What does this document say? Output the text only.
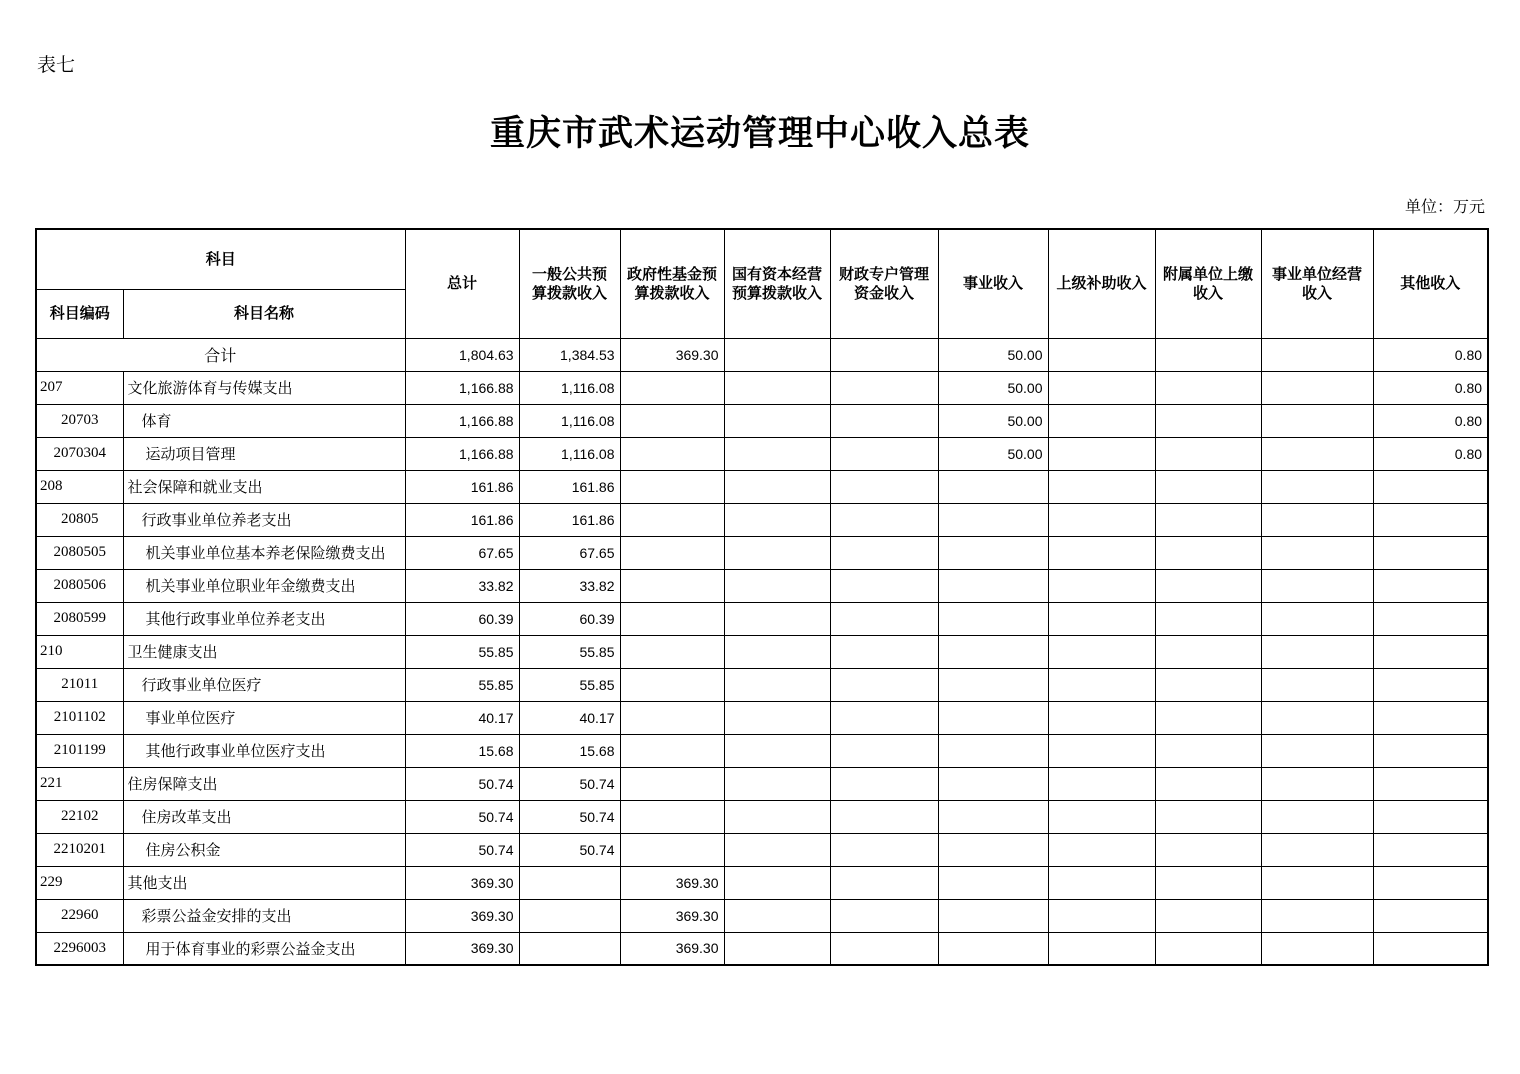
表七
重庆市武术运动管理中心收入总表
单位：万元
科目		总计	一般公共预算拨款收入	政府性基金预算拨款收入	国有资本经营预算拨款收入	财政专户管理资金收入	事业收入	上级补助收入	附属单位上缴收入	事业单位经营收入	其他收入
科目编码	科目名称										
合计		1,804.63	1,384.53	369.30			50.00				0.80
207	文化旅游体育与传媒支出	1,166.88	1,116.08				50.00				0.80
20703	体育	1,166.88	1,116.08				50.00				0.80
2070304	运动项目管理	1,166.88	1,116.08				50.00				0.80
208	社会保障和就业支出	161.86	161.86								
20805	行政事业单位养老支出	161.86	161.86								
2080505	机关事业单位基本养老保险缴费支出	67.65	67.65								
2080506	机关事业单位职业年金缴费支出	33.82	33.82								
2080599	其他行政事业单位养老支出	60.39	60.39								
210	卫生健康支出	55.85	55.85								
21011	行政事业单位医疗	55.85	55.85								
2101102	事业单位医疗	40.17	40.17								
2101199	其他行政事业单位医疗支出	15.68	15.68								
221	住房保障支出	50.74	50.74								
22102	住房改革支出	50.74	50.74								
2210201	住房公积金	50.74	50.74								
229	其他支出	369.30		369.30							
22960	彩票公益金安排的支出	369.30		369.30							
2296003	用于体育事业的彩票公益金支出	369.30		369.30							
